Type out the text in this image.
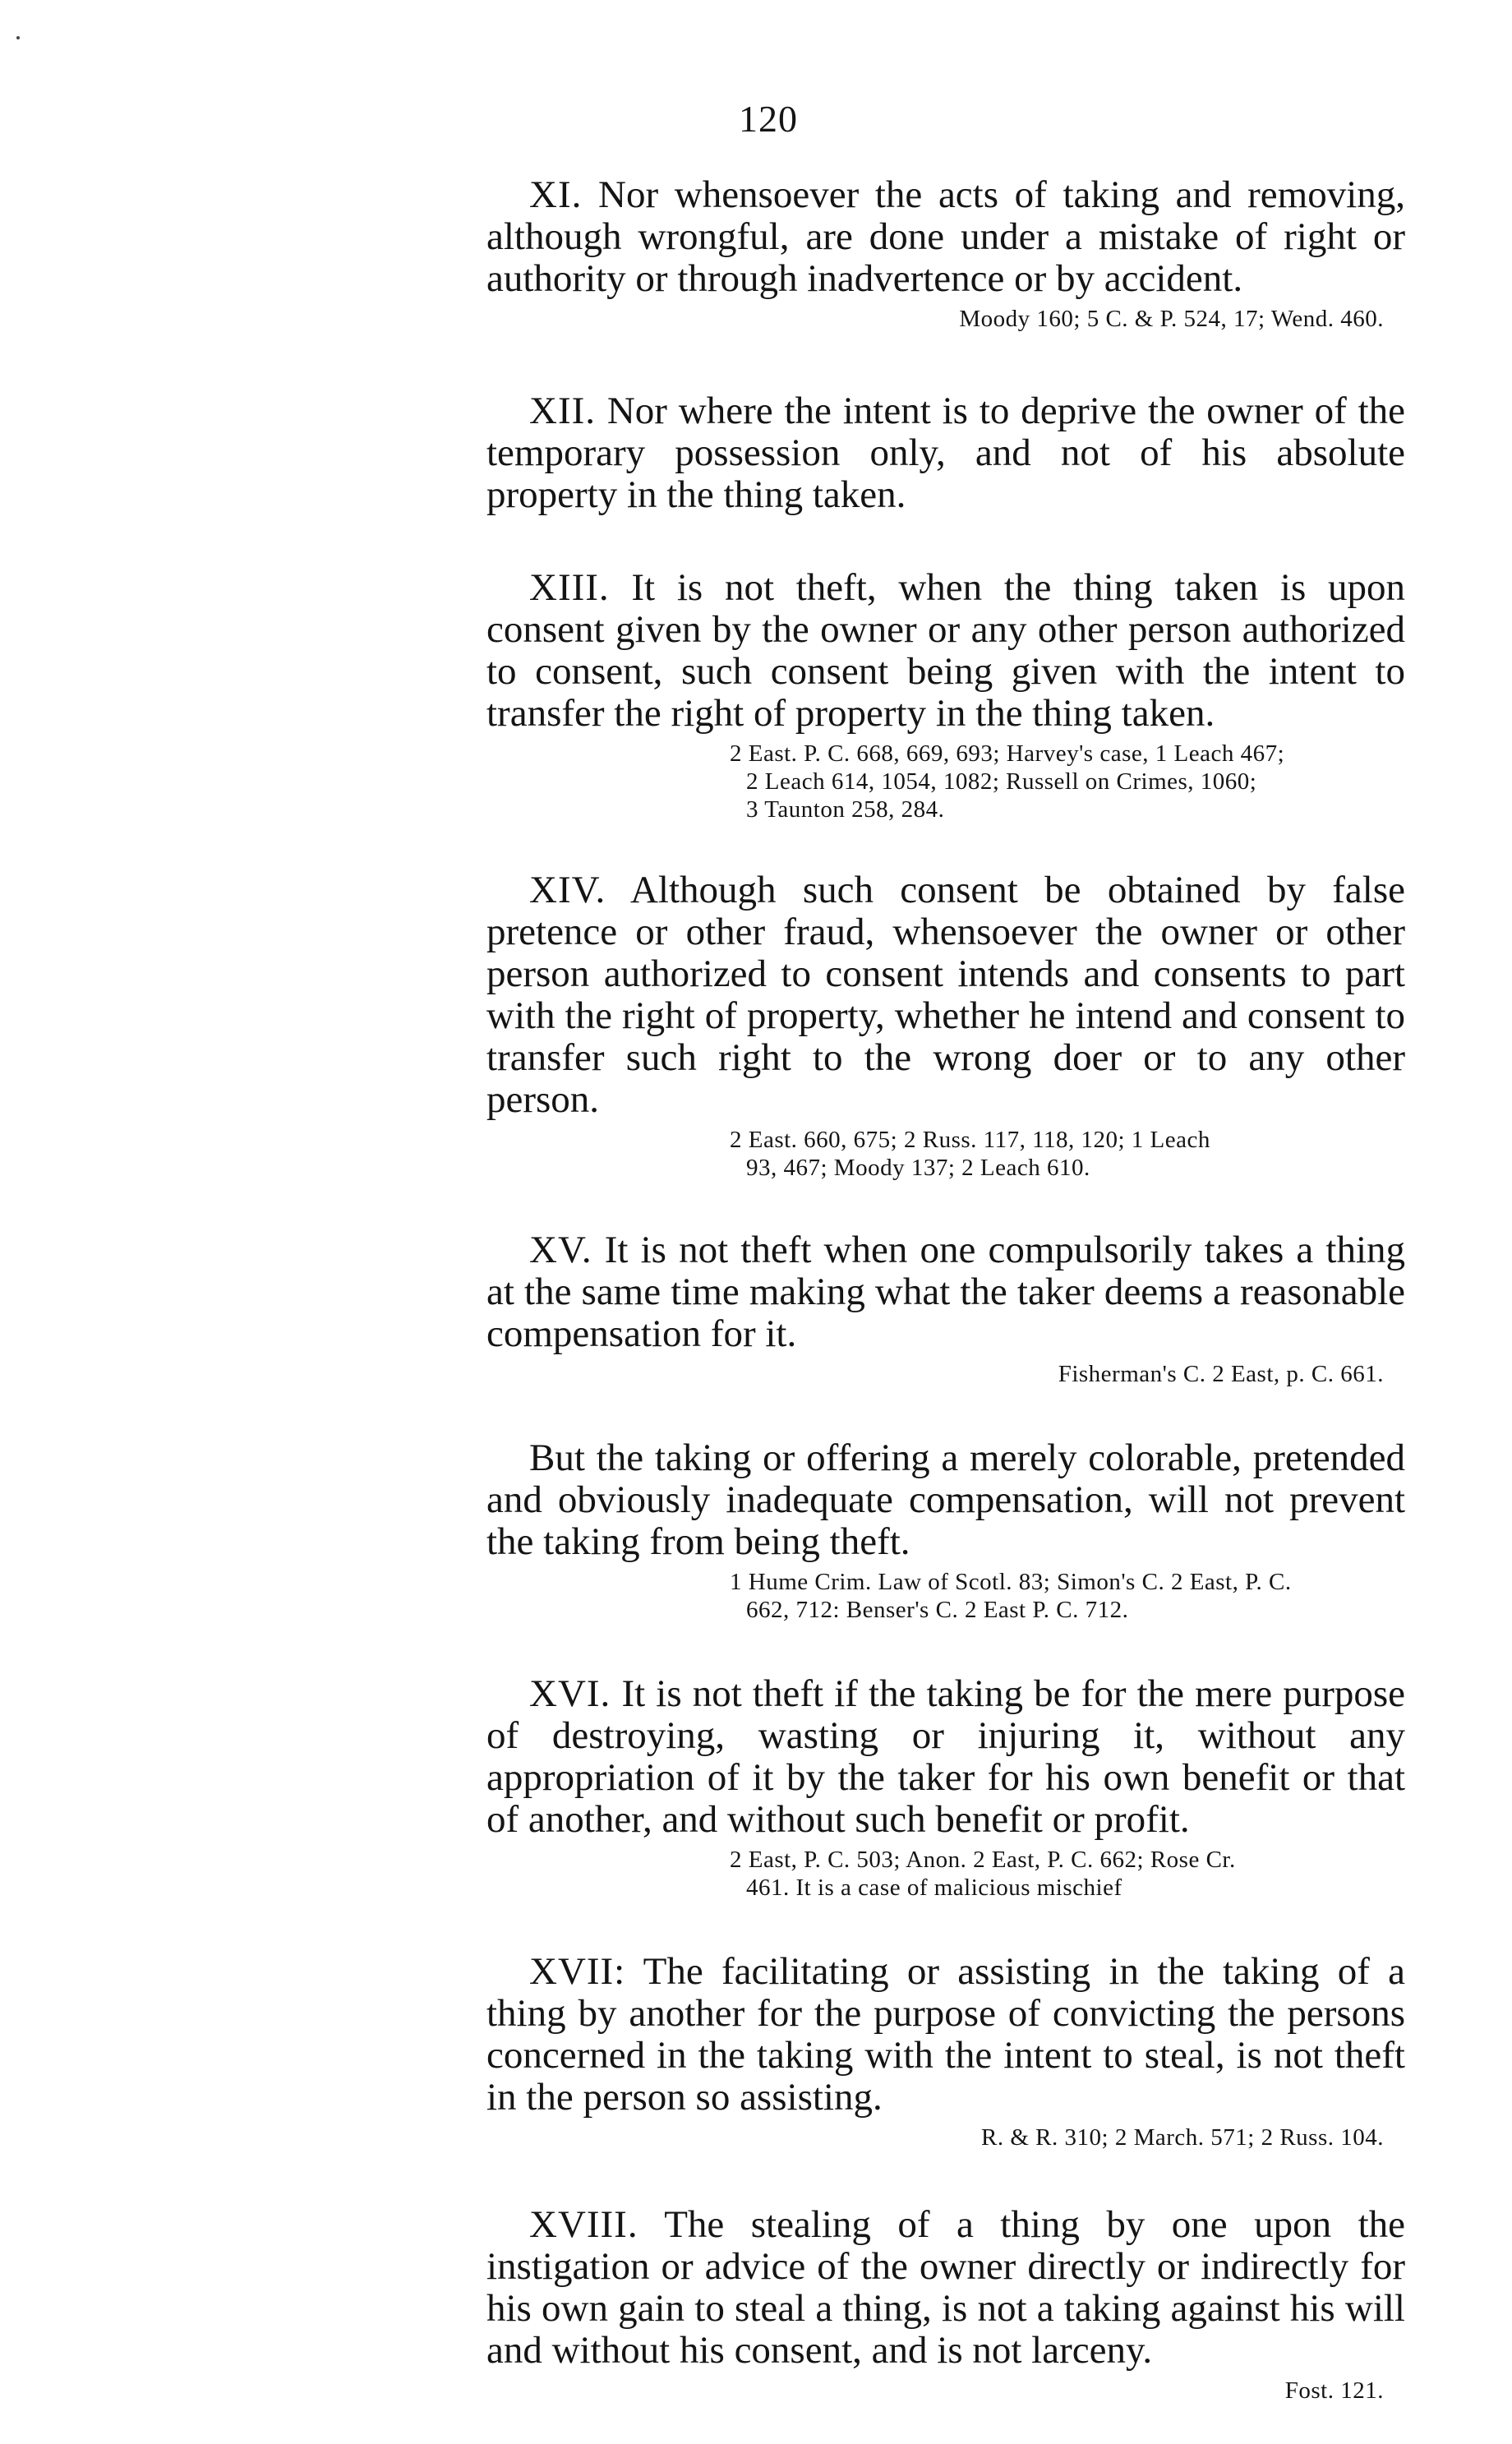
120

XI. Nor whensoever the acts of taking and removing, although wrongful, are done under a mistake of right or authority or through inadvertence or by accident.

Moody 160; 5 C. & P. 524, 17; Wend. 460.

XII. Nor where the intent is to deprive the owner of the temporary possession only, and not of his absolute property in the thing taken.

XIII. It is not theft, when the thing taken is upon consent given by the owner or any other person authorized to consent, such consent being given with the intent to transfer the right of property in the thing taken.

2 East. P. C. 668, 669, 693; Harvey's case, 1 Leach 467;
2 Leach 614, 1054, 1082; Russell on Crimes, 1060;
3 Taunton 258, 284.

XIV. Although such consent be obtained by false pretence or other fraud, whensoever the owner or other person authorized to consent intends and consents to part with the right of property, whether he intend and consent to transfer such right to the wrong doer or to any other person.

2 East. 660, 675; 2 Russ. 117, 118, 120; 1 Leach
93, 467; Moody 137; 2 Leach 610.

XV. It is not theft when one compulsorily takes a thing at the same time making what the taker deems a reasonable compensation for it.

Fisherman's C. 2 East, p. C. 661.

But the taking or offering a merely colorable, pretended and obviously inadequate compensation, will not prevent the taking from being theft.

1 Hume Crim. Law of Scotl. 83; Simon's C. 2 East, P. C.
662, 712: Benser's C. 2 East P. C. 712.

XVI. It is not theft if the taking be for the mere purpose of destroying, wasting or injuring it, without any appropriation of it by the taker for his own benefit or that of another, and without such benefit or profit.

2 East, P. C. 503; Anon. 2 East, P. C. 662; Rose Cr.
461. It is a case of malicious mischief

XVII: The facilitating or assisting in the taking of a thing by another for the purpose of convicting the persons concerned in the taking with the intent to steal, is not theft in the person so assisting.

R. & R. 310; 2 March. 571; 2 Russ. 104.

XVIII. The stealing of a thing by one upon the instigation or advice of the owner directly or indirectly for his own gain to steal a thing, is not a taking against his will and without his consent, and is not larceny.

Fost. 121.
